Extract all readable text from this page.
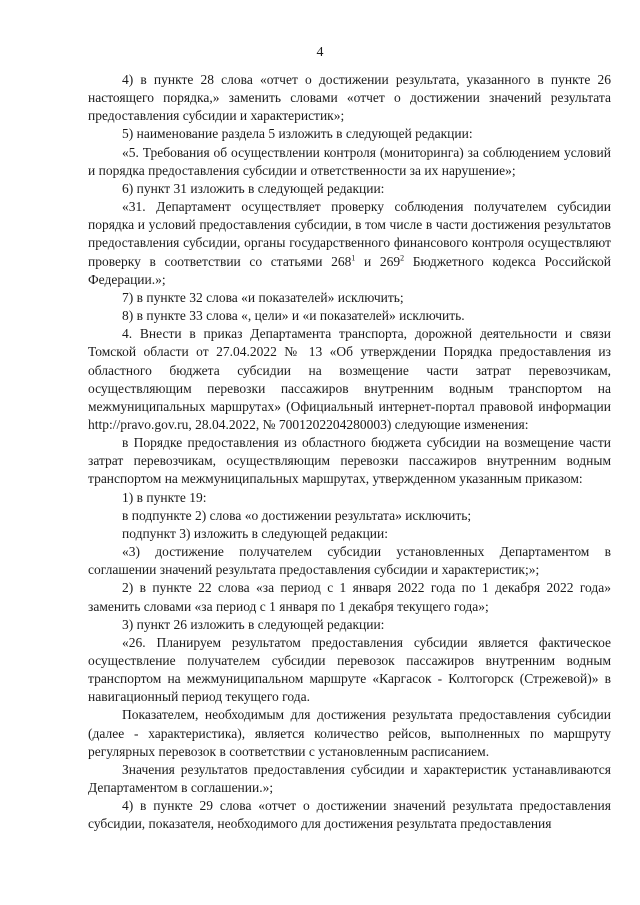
4

4) в пункте 28 слова «отчет о достижении результата, указанного в пункте 26 настоящего порядка,» заменить словами «отчет о достижении значений результата предоставления субсидии и характеристик»;

5) наименование раздела 5 изложить в следующей редакции:

«5. Требования об осуществлении контроля (мониторинга) за соблюдением условий и порядка предоставления субсидии и ответственности за их нарушение»;

6) пункт 31 изложить в следующей редакции:

«31. Департамент осуществляет проверку соблюдения получателем субсидии порядка и условий предоставления субсидии, в том числе в части достижения результатов предоставления субсидии, органы государственного финансового контроля осуществляют проверку в соответствии со статьями $268^1$ и $269^2$ Бюджетного кодекса Российской Федерации.»;

7) в пункте 32 слова «и показателей» исключить;

8) в пункте 33 слова «, цели» и «и показателей» исключить.

4. Внести в приказ Департамента транспорта, дорожной деятельности и связи Томской области от 27.04.2022 № 13 «Об утверждении Порядка предоставления из областного бюджета субсидии на возмещение части затрат перевозчикам, осуществляющим перевозки пассажиров внутренним водным транспортом на межмуниципальных маршрутах» (Официальный интернет-портал правовой информации http://pravo.gov.ru, 28.04.2022, № 7001202204280003) следующие изменения:

в Порядке предоставления из областного бюджета субсидии на возмещение части затрат перевозчикам, осуществляющим перевозки пассажиров внутренним водным транспортом на межмуниципальных маршрутах, утвержденном указанным приказом:

1) в пункте 19:

в подпункте 2) слова «о достижении результата» исключить;

подпункт 3) изложить в следующей редакции:

«3) достижение получателем субсидии установленных Департаментом в соглашении значений результата предоставления субсидии и характеристик;»;

2) в пункте 22 слова «за период с 1 января 2022 года по 1 декабря 2022 года» заменить словами «за период с 1 января по 1 декабря текущего года»;

3) пункт 26 изложить в следующей редакции:

«26. Планируем результатом предоставления субсидии является фактическое осуществление получателем субсидии перевозок пассажиров внутренним водным транспортом на межмуниципальном маршруте «Каргасок - Колтогорск (Стрежевой)» в навигационный период текущего года.

Показателем, необходимым для достижения результата предоставления субсидии (далее - характеристика), является количество рейсов, выполненных по маршруту регулярных перевозок в соответствии с установленным расписанием.

Значения результатов предоставления субсидии и характеристик устанавливаются Департаментом в соглашении.»;

4) в пункте 29 слова «отчет о достижении значений результата предоставления субсидии, показателя, необходимого для достижения результата предоставления
